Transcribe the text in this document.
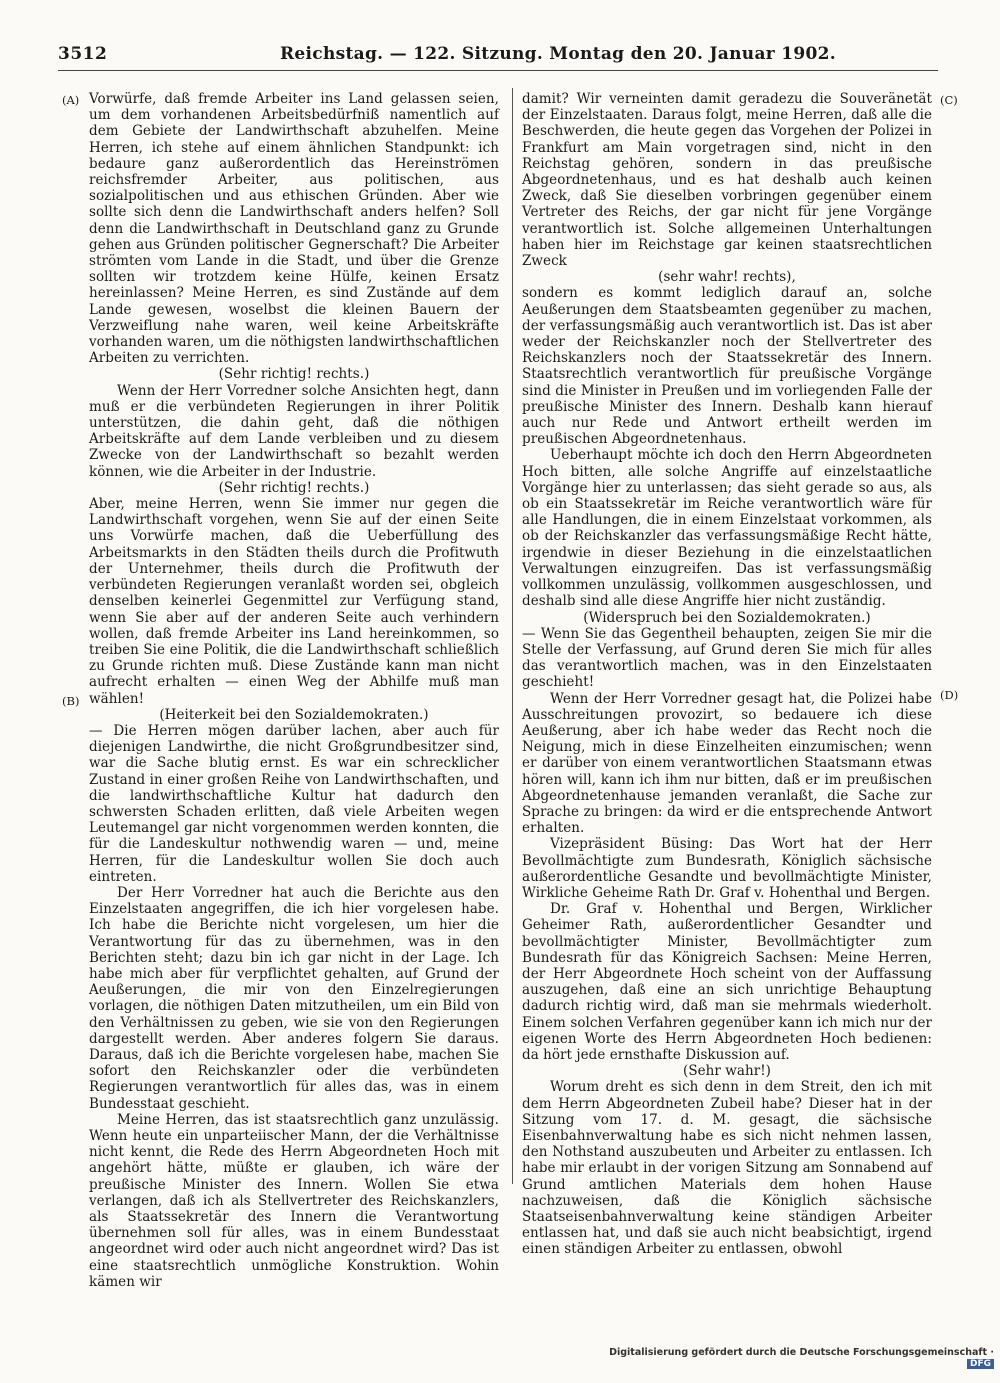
3512	Reichstag. — 122. Sitzung. Montag den 20. Januar 1902.
(A)
(B)
(C)
(D)

Vorwürfe, daß fremde Arbeiter ins Land gelassen seien, um dem vorhandenen Arbeitsbedürfniß namentlich auf dem Gebiete der Landwirthschaft abzuhelfen. Meine Herren, ich stehe auf einem ähnlichen Standpunkt: ich bedaure ganz außerordentlich das Hereinströmen reichsfremder Arbeiter, aus politischen, aus sozialpolitischen und aus ethischen Gründen. Aber wie sollte sich denn die Landwirthschaft anders helfen? Soll denn die Landwirthschaft in Deutschland ganz zu Grunde gehen aus Gründen politischer Gegnerschaft? Die Arbeiter strömten vom Lande in die Stadt, und über die Grenze sollten wir trotzdem keine Hülfe, keinen Ersatz hereinlassen? Meine Herren, es sind Zustände auf dem Lande gewesen, woselbst die kleinen Bauern der Verzweiflung nahe waren, weil keine Arbeitskräfte vorhanden waren, um die nöthigsten landwirthschaftlichen Arbeiten zu verrichten.

(Sehr richtig! rechts.)

Wenn der Herr Vorredner solche Ansichten hegt, dann muß er die verbündeten Regierungen in ihrer Politik unterstützen, die dahin geht, daß die nöthigen Arbeitskräfte auf dem Lande verbleiben und zu diesem Zwecke von der Landwirthschaft so bezahlt werden können, wie die Arbeiter in der Industrie.

(Sehr richtig! rechts.)

Aber, meine Herren, wenn Sie immer nur gegen die Landwirthschaft vorgehen, wenn Sie auf der einen Seite uns Vorwürfe machen, daß die Ueberfüllung des Arbeitsmarkts in den Städten theils durch die Profitwuth der Unternehmer, theils durch die Profitwuth der verbündeten Regierungen veranlaßt worden sei, obgleich denselben keinerlei Gegenmittel zur Verfügung stand, wenn Sie aber auf der anderen Seite auch verhindern wollen, daß fremde Arbeiter ins Land hereinkommen, so treiben Sie eine Politik, die die Landwirthschaft schließlich zu Grunde richten muß. Diese Zustände kann man nicht aufrecht erhalten — einen Weg der Abhilfe muß man wählen!

(Heiterkeit bei den Sozialdemokraten.)

— Die Herren mögen darüber lachen, aber auch für diejenigen Landwirthe, die nicht Großgrundbesitzer sind, war die Sache blutig ernst. Es war ein schrecklicher Zustand in einer großen Reihe von Landwirthschaften, und die landwirthschaftliche Kultur hat dadurch den schwersten Schaden erlitten, daß viele Arbeiten wegen Leutemangel gar nicht vorgenommen werden konnten, die für die Landeskultur nothwendig waren — und, meine Herren, für die Landeskultur wollen Sie doch auch eintreten.

Der Herr Vorredner hat auch die Berichte aus den Einzelstaaten angegriffen, die ich hier vorgelesen habe. Ich habe die Berichte nicht vorgelesen, um hier die Verantwortung für das zu übernehmen, was in den Berichten steht; dazu bin ich gar nicht in der Lage. Ich habe mich aber für verpflichtet gehalten, auf Grund der Aeußerungen, die mir von den Einzelregierungen vorlagen, die nöthigen Daten mitzutheilen, um ein Bild von den Verhältnissen zu geben, wie sie von den Regierungen dargestellt werden. Aber anderes folgern Sie daraus. Daraus, daß ich die Berichte vorgelesen habe, machen Sie sofort den Reichskanzler oder die verbündeten Regierungen verantwortlich für alles das, was in einem Bundesstaat geschieht.

Meine Herren, das ist staatsrechtlich ganz unzulässig. Wenn heute ein unparteiischer Mann, der die Verhältnisse nicht kennt, die Rede des Herrn Abgeordneten Hoch mit angehört hätte, müßte er glauben, ich wäre der preußische Minister des Innern. Wollen Sie etwa verlangen, daß ich als Stellvertreter des Reichskanzlers, als Staatssekretär des Innern die Verantwortung übernehmen soll für alles, was in einem Bundesstaat angeordnet wird oder auch nicht angeordnet wird? Das ist eine staatsrechtlich unmögliche Konstruktion. Wohin kämen wir

damit? Wir verneinten damit geradezu die Souveränetät der Einzelstaaten. Daraus folgt, meine Herren, daß alle die Beschwerden, die heute gegen das Vorgehen der Polizei in Frankfurt am Main vorgetragen sind, nicht in den Reichstag gehören, sondern in das preußische Abgeordnetenhaus, und es hat deshalb auch keinen Zweck, daß Sie dieselben vorbringen gegenüber einem Vertreter des Reichs, der gar nicht für jene Vorgänge verantwortlich ist. Solche allgemeinen Unterhaltungen haben hier im Reichstage gar keinen staatsrechtlichen Zweck

(sehr wahr! rechts),

sondern es kommt lediglich darauf an, solche Aeußerungen dem Staatsbeamten gegenüber zu machen, der verfassungsmäßig auch verantwortlich ist. Das ist aber weder der Reichskanzler noch der Stellvertreter des Reichskanzlers noch der Staatssekretär des Innern. Staatsrechtlich verantwortlich für preußische Vorgänge sind die Minister in Preußen und im vorliegenden Falle der preußische Minister des Innern. Deshalb kann hierauf auch nur Rede und Antwort ertheilt werden im preußischen Abgeordnetenhaus.

Ueberhaupt möchte ich doch den Herrn Abgeordneten Hoch bitten, alle solche Angriffe auf einzelstaatliche Vorgänge hier zu unterlassen; das sieht gerade so aus, als ob ein Staatssekretär im Reiche verantwortlich wäre für alle Handlungen, die in einem Einzelstaat vorkommen, als ob der Reichskanzler das verfassungsmäßige Recht hätte, irgendwie in dieser Beziehung in die einzelstaatlichen Verwaltungen einzugreifen. Das ist verfassungsmäßig vollkommen unzulässig, vollkommen ausgeschlossen, und deshalb sind alle diese Angriffe hier nicht zuständig.

(Widerspruch bei den Sozialdemokraten.)

— Wenn Sie das Gegentheil behaupten, zeigen Sie mir die Stelle der Verfassung, auf Grund deren Sie mich für alles das verantwortlich machen, was in den Einzelstaaten geschieht!

Wenn der Herr Vorredner gesagt hat, die Polizei habe Ausschreitungen provozirt, so bedauere ich diese Aeußerung, aber ich habe weder das Recht noch die Neigung, mich in diese Einzelheiten einzumischen; wenn er darüber von einem verantwortlichen Staatsmann etwas hören will, kann ich ihm nur bitten, daß er im preußischen Abgeordnetenhause jemanden veranlaßt, die Sache zur Sprache zu bringen: da wird er die entsprechende Antwort erhalten.

Vizepräsident Büsing: Das Wort hat der Herr Bevollmächtigte zum Bundesrath, Königlich sächsische außerordentliche Gesandte und bevollmächtigte Minister, Wirkliche Geheime Rath Dr. Graf v. Hohenthal und Bergen.

Dr. Graf v. Hohenthal und Bergen, Wirklicher Geheimer Rath, außerordentlicher Gesandter und bevollmächtigter Minister, Bevollmächtigter zum Bundesrath für das Königreich Sachsen: Meine Herren, der Herr Abgeordnete Hoch scheint von der Auffassung auszugehen, daß eine an sich unrichtige Behauptung dadurch richtig wird, daß man sie mehrmals wiederholt. Einem solchen Verfahren gegenüber kann ich mich nur der eigenen Worte des Herrn Abgeordneten Hoch bedienen: da hört jede ernsthafte Diskussion auf.

(Sehr wahr!)

Worum dreht es sich denn in dem Streit, den ich mit dem Herrn Abgeordneten Zubeil habe? Dieser hat in der Sitzung vom 17. d. M. gesagt, die sächsische Eisenbahnverwaltung habe es sich nicht nehmen lassen, den Nothstand auszubeuten und Arbeiter zu entlassen. Ich habe mir erlaubt in der vorigen Sitzung am Sonnabend auf Grund amtlichen Materials dem hohen Hause nachzuweisen, daß die Königlich sächsische Staatseisenbahnverwaltung keine ständigen Arbeiter entlassen hat, und daß sie auch nicht beabsichtigt, irgend einen ständigen Arbeiter zu entlassen, obwohl

Digitalisierung gefördert durch die Deutsche Forschungsgemeinschaft · DFG
